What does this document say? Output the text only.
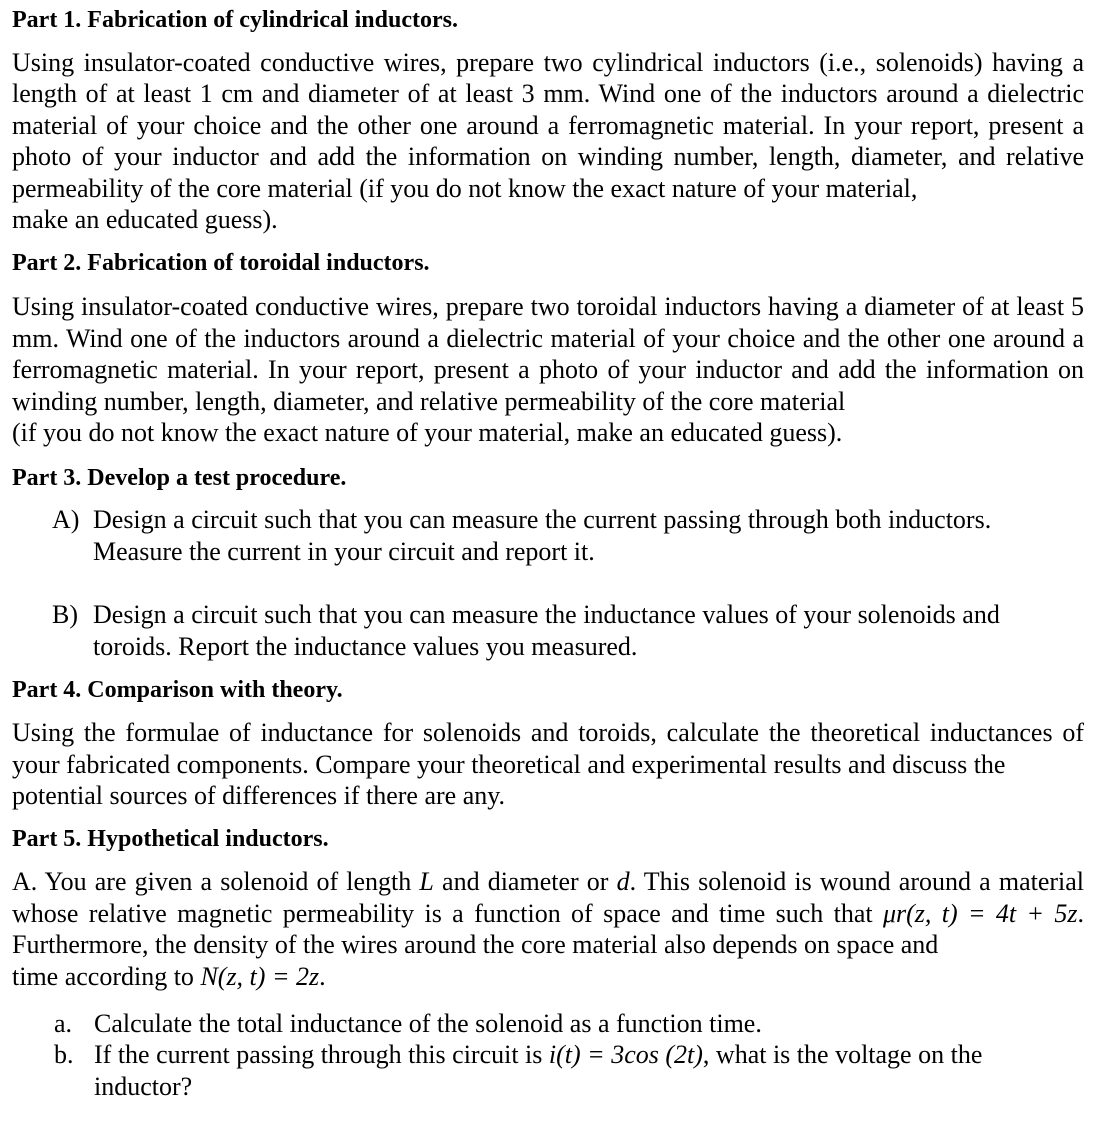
Part 1. Fabrication of cylindrical inductors.

Using insulator-coated conductive wires, prepare two cylindrical inductors (i.e., solenoids) having a length of at least 1 cm and diameter of at least 3 mm. Wind one of the inductors around a dielectric material of your choice and the other one around a ferromagnetic material. In your report, present a photo of your inductor and add the information on winding number, length, diameter, and relative permeability of the core material (if you do not know the exact nature of your material,
make an educated guess).

Part 2. Fabrication of toroidal inductors.

Using insulator-coated conductive wires, prepare two toroidal inductors having a diameter of at least 5 mm. Wind one of the inductors around a dielectric material of your choice and the other one around a ferromagnetic material. In your report, present a photo of your inductor and add the information on winding number, length, diameter, and relative permeability of the core material
(if you do not know the exact nature of your material, make an educated guess).

Part 3. Develop a test procedure.
A) Design a circuit such that you can measure the current passing through both inductors.
Measure the current in your circuit and report it.
B) Design a circuit such that you can measure the inductance values of your solenoids and
toroids. Report the inductance values you measured.
Part 4. Comparison with theory.

Using the formulae of inductance for solenoids and toroids, calculate the theoretical inductances of your fabricated components. Compare your theoretical and experimental results and discuss the
potential sources of differences if there are any.

Part 5. Hypothetical inductors.

A. You are given a solenoid of length L and diameter or d. This solenoid is wound around a material whose relative magnetic permeability is a function of space and time such that μr(z, t) = 4t + 5z. Furthermore, the density of the wires around the core material also depends on space and
time according to N(z, t) = 2z.

a. Calculate the total inductance of the solenoid as a function time.
b. If the current passing through this circuit is i(t) = 3cos (2t), what is the voltage on the
inductor?
